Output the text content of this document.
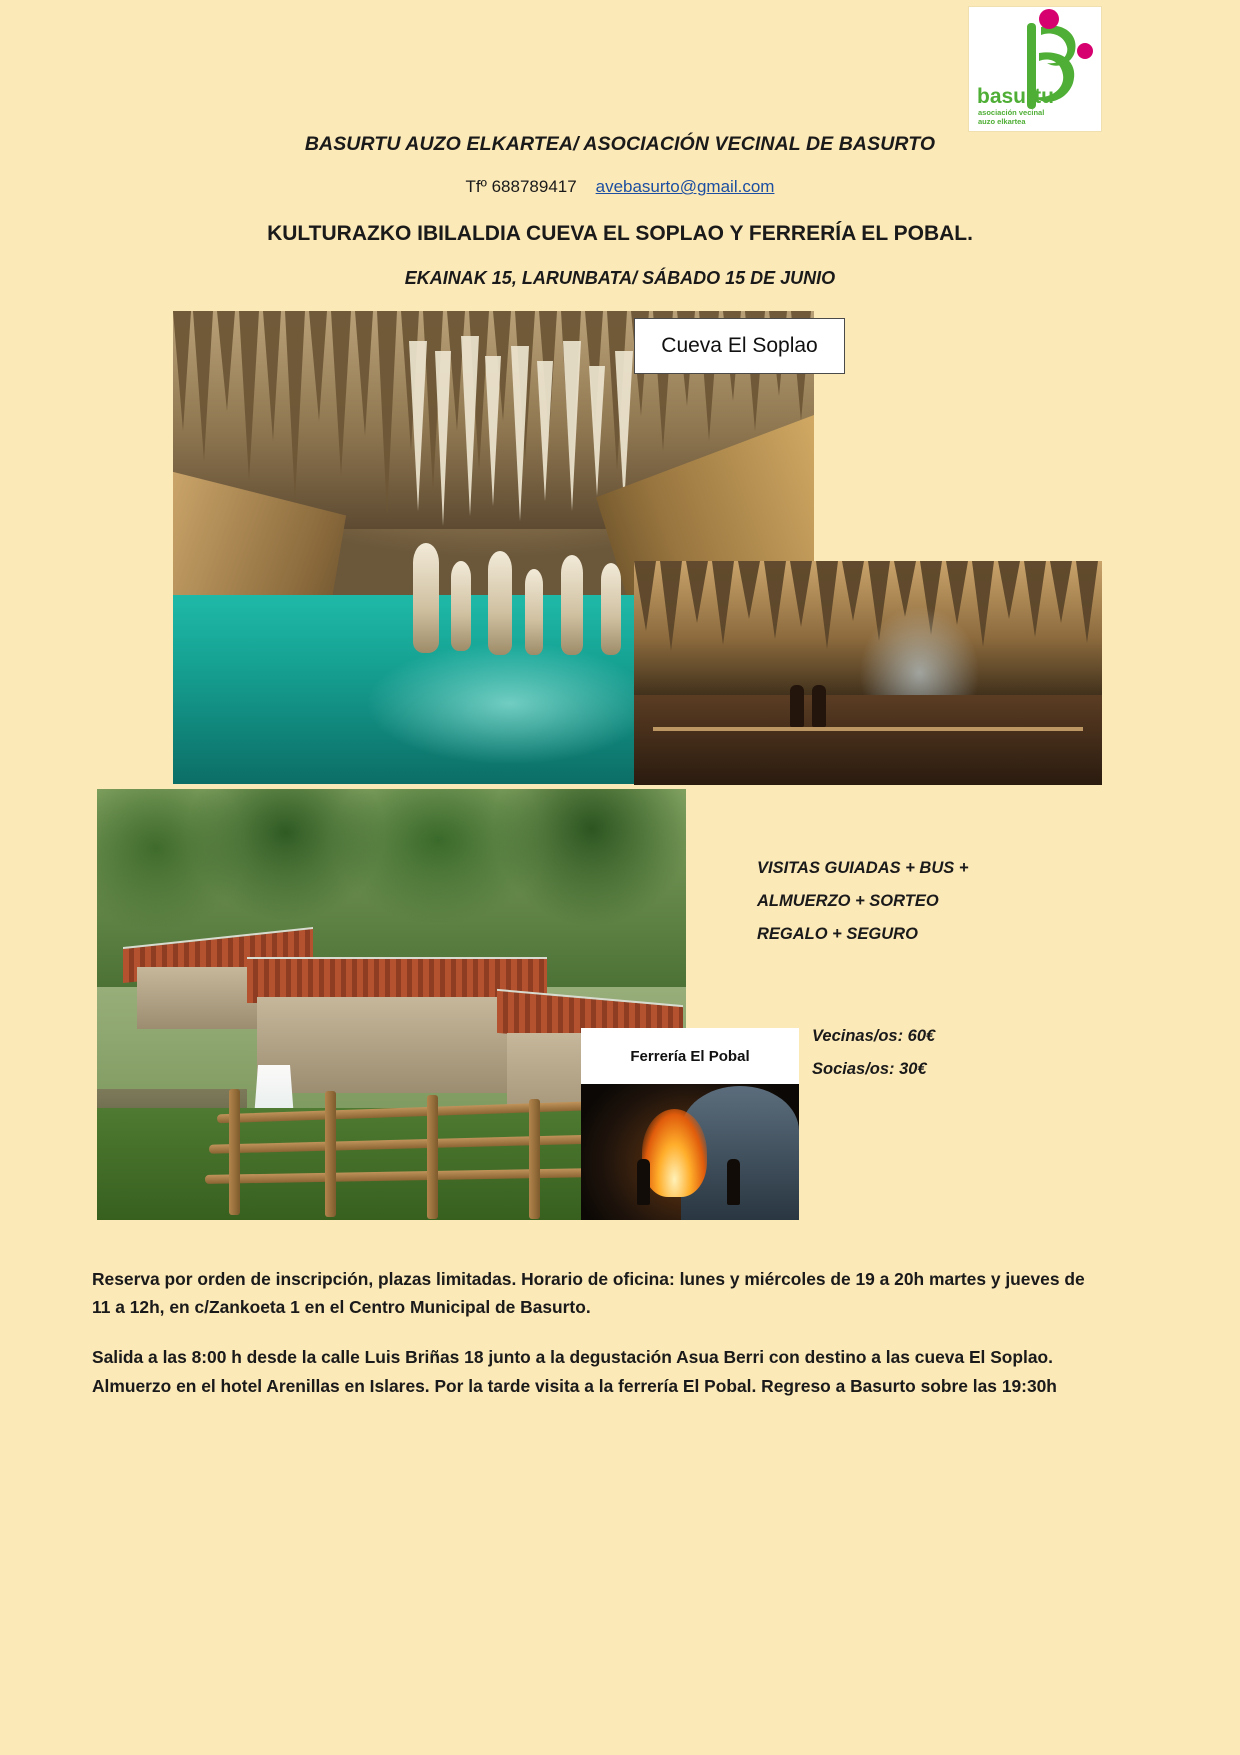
basurtu
asociación vecinal
auzo elkartea
BASURTU AUZO ELKARTEA/ ASOCIACIÓN VECINAL DE BASURTO
Tfº 688789417 avebasurto@gmail.com
KULTURAZKO IBILALDIA CUEVA EL SOPLAO Y FERRERÍA EL POBAL.
EKAINAK 15, LARUNBATA/ SÁBADO 15 DE JUNIO
Cueva El Soplao
Ferrería El Pobal
VISITAS GUIADAS + BUS +
ALMUERZO + SORTEO
REGALO + SEGURO
Vecinas/os: 60€
Socias/os: 30€

Reserva por orden de inscripción, plazas limitadas. Horario de oficina: lunes y miércoles de 19 a 20h martes y jueves de 11 a 12h, en c/Zankoeta 1 en el Centro Municipal de Basurto.

Salida a las 8:00 h desde la calle Luis Briñas 18 junto a la degustación Asua Berri con destino a las cueva El Soplao. Almuerzo en el hotel Arenillas en Islares. Por la tarde visita a la ferrería El Pobal. Regreso a Basurto sobre las 19:30h
